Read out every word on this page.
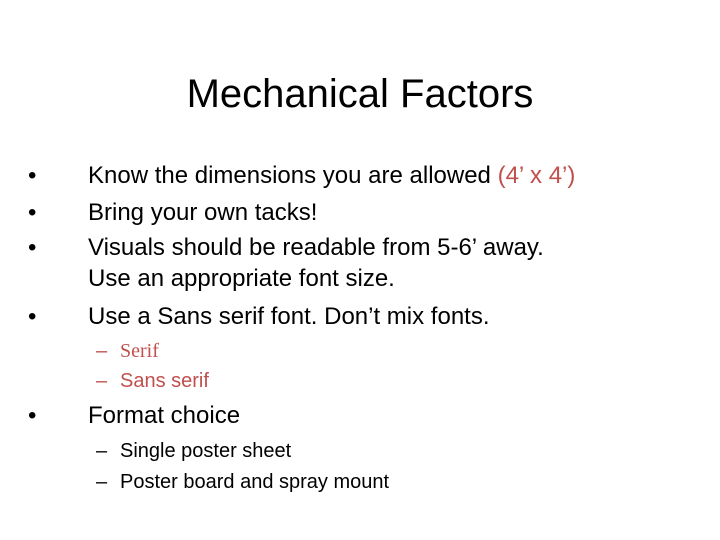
Mechanical Factors
• Know the dimensions you are allowed (4’ x 4’)
• Bring your own tacks!
• Visuals should be readable from 5-6’ away.
Use an appropriate font size.
• Use a Sans serif font. Don’t mix fonts.
– Serif
– Sans serif
• Format choice
– Single poster sheet
– Poster board and spray mount
